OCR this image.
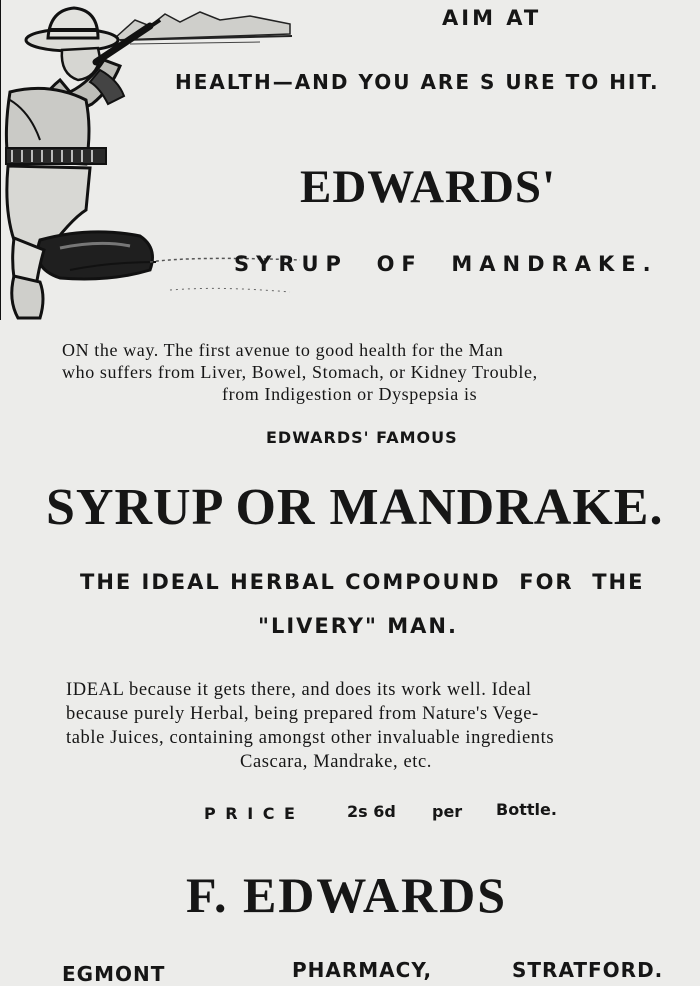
AIM AT
HEALTH—AND YOU ARE S URE TO HIT.
EDWARDS'
SYRUP  OF  MANDRAKE.
ON the way. The first avenue to good health for the Man
who suffers from Liver, Bowel, Stomach, or Kidney Trouble,
from Indigestion or Dyspepsia is
EDWARDS' FAMOUS
SYRUP OR MANDRAKE.
THE IDEAL HERBAL COMPOUND  FOR  THE
"LIVERY" MAN.
IDEAL because it gets there, and does its work well. Ideal
because purely Herbal, being prepared from Nature's Vege-
table Juices, containing amongst other invaluable ingredients
Cascara, Mandrake, etc.
P R I C E	2s 6d per Bottle.
F. EDWARDS
EGMONT	PHARMACY,	STRATFORD.
